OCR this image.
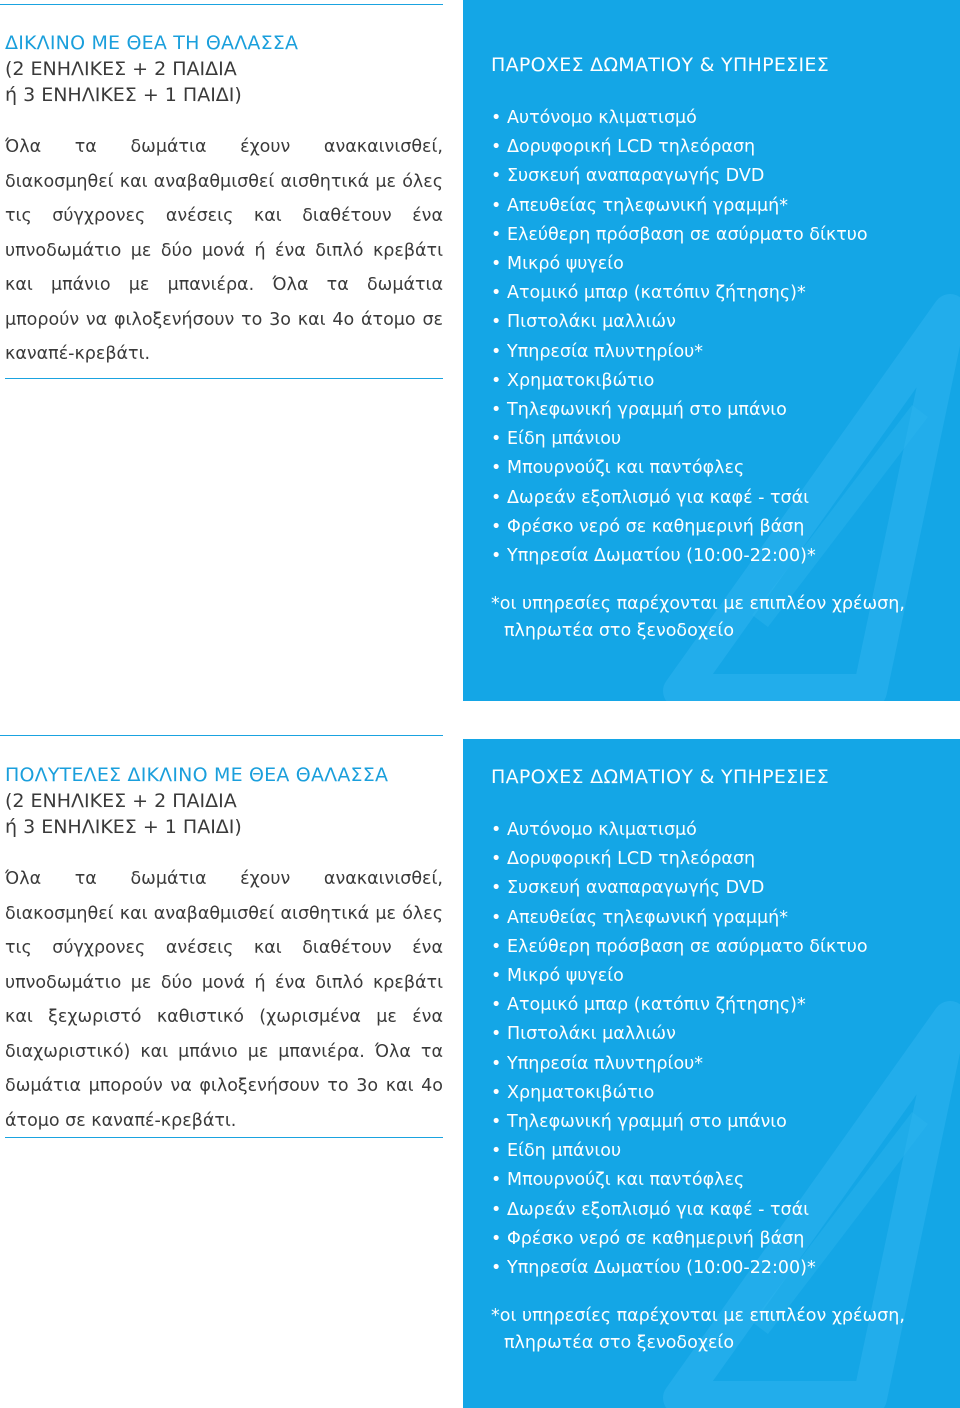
ΔΙΚΛΙΝΟ ΜΕ ΘΕΑ ΤΗ ΘΑΛΑΣΣΑ
(2 ΕΝΗΛΙΚΕΣ + 2 ΠΑΙΔΙΑ
ή 3 ΕΝΗΛΙΚΕΣ + 1 ΠΑΙΔΙ)
Όλα τα δωμάτια έχουν ανακαινισθεί, διακοσμηθεί και αναβαθμισθεί αισθητικά με όλες τις σύγχρονες ανέσεις και διαθέτουν ένα υπνοδωμάτιο με δύο μονά ή ένα διπλό κρεβάτι και μπάνιο με μπανιέρα. Όλα τα δωμάτια μπορούν να φιλοξενήσουν το 3ο και 4ο άτομο σε καναπέ-κρεβάτι.
ΠΑΡΟΧΕΣ ΔΩΜΑΤΙΟΥ & ΥΠΗΡΕΣΙΕΣ
• Αυτόνομο κλιματισμό
• Δορυφορική LCD τηλεόραση
• Συσκευή αναπαραγωγής DVD
• Απευθείας τηλεφωνική γραμμή*
• Ελεύθερη πρόσβαση σε ασύρματο δίκτυο
• Μικρό ψυγείο
• Ατομικό μπαρ (κατόπιν ζήτησης)*
• Πιστολάκι μαλλιών
• Υπηρεσία πλυντηρίου*
• Χρηματοκιβώτιο
• Τηλεφωνική γραμμή στο μπάνιο
• Είδη μπάνιου
• Μπουρνούζι και παντόφλες
• Δωρεάν εξοπλισμό για καφέ - τσάι
• Φρέσκο νερό σε καθημερινή βάση
• Υπηρεσία Δωματίου (10:00-22:00)*
*οι υπηρεσίες παρέχονται με επιπλέον χρέωση,
πληρωτέα στο ξενοδοχείο
ΠΟΛΥΤΕΛΕΣ ΔΙΚΛΙΝΟ ΜΕ ΘΕΑ ΘΑΛΑΣΣΑ
(2 ΕΝΗΛΙΚΕΣ + 2 ΠΑΙΔΙΑ
ή 3 ΕΝΗΛΙΚΕΣ + 1 ΠΑΙΔΙ)
Όλα τα δωμάτια έχουν ανακαινισθεί, διακοσμηθεί και αναβαθμισθεί αισθητικά με όλες τις σύγχρονες ανέσεις και διαθέτουν ένα υπνοδωμάτιο με δύο μονά ή ένα διπλό κρεβάτι και ξεχωριστό καθιστικό (χωρισμένα με ένα διαχωριστικό) και μπάνιο με μπανιέρα. Όλα τα δωμάτια μπορούν να φιλοξενήσουν το 3ο και 4ο άτομο σε καναπέ-κρεβάτι.
ΠΑΡΟΧΕΣ ΔΩΜΑΤΙΟΥ & ΥΠΗΡΕΣΙΕΣ
• Αυτόνομο κλιματισμό
• Δορυφορική LCD τηλεόραση
• Συσκευή αναπαραγωγής DVD
• Απευθείας τηλεφωνική γραμμή*
• Ελεύθερη πρόσβαση σε ασύρματο δίκτυο
• Μικρό ψυγείο
• Ατομικό μπαρ (κατόπιν ζήτησης)*
• Πιστολάκι μαλλιών
• Υπηρεσία πλυντηρίου*
• Χρηματοκιβώτιο
• Τηλεφωνική γραμμή στο μπάνιο
• Είδη μπάνιου
• Μπουρνούζι και παντόφλες
• Δωρεάν εξοπλισμό για καφέ - τσάι
• Φρέσκο νερό σε καθημερινή βάση
• Υπηρεσία Δωματίου (10:00-22:00)*
*οι υπηρεσίες παρέχονται με επιπλέον χρέωση,
πληρωτέα στο ξενοδοχείο
